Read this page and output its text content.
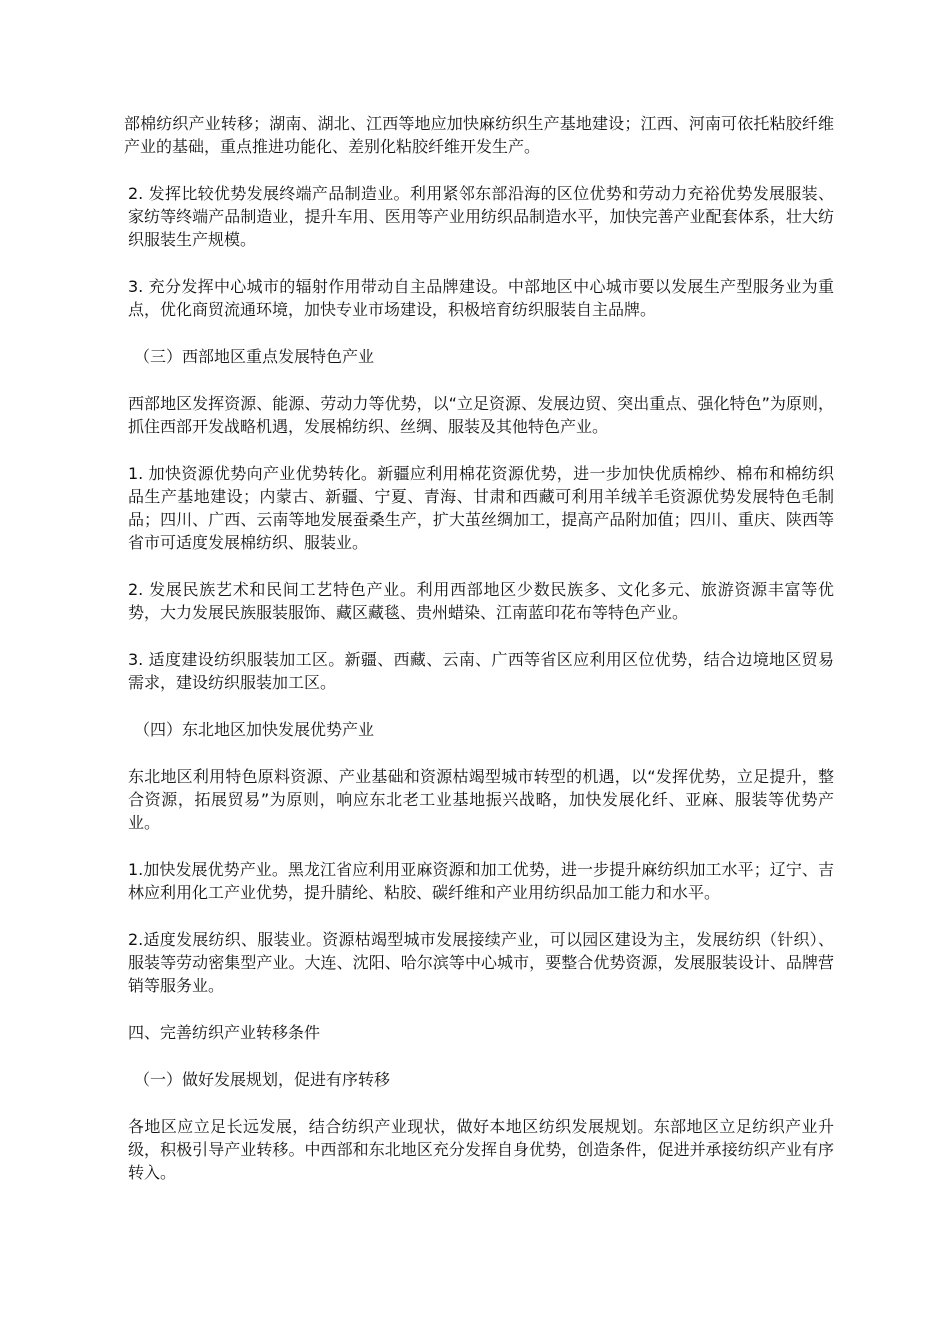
部棉纺织产业转移；湖南、湖北、江西等地应加快麻纺织生产基地建设；江西、河南可依托粘胶纤维产业的基础，重点推进功能化、差别化粘胶纤维开发生产。

2. 发挥比较优势发展终端产品制造业。利用紧邻东部沿海的区位优势和劳动力充裕优势发展服装、家纺等终端产品制造业，提升车用、医用等产业用纺织品制造水平，加快完善产业配套体系，壮大纺织服装生产规模。

3. 充分发挥中心城市的辐射作用带动自主品牌建设。中部地区中心城市要以发展生产型服务业为重点，优化商贸流通环境，加快专业市场建设，积极培育纺织服装自主品牌。

（三）西部地区重点发展特色产业

西部地区发挥资源、能源、劳动力等优势，以“立足资源、发展边贸、突出重点、强化特色”为原则，抓住西部开发战略机遇，发展棉纺织、丝绸、服装及其他特色产业。

1. 加快资源优势向产业优势转化。新疆应利用棉花资源优势，进一步加快优质棉纱、棉布和棉纺织品生产基地建设；内蒙古、新疆、宁夏、青海、甘肃和西藏可利用羊绒羊毛资源优势发展特色毛制品；四川、广西、云南等地发展蚕桑生产，扩大茧丝绸加工，提高产品附加值；四川、重庆、陕西等省市可适度发展棉纺织、服装业。

2. 发展民族艺术和民间工艺特色产业。利用西部地区少数民族多、文化多元、旅游资源丰富等优势，大力发展民族服装服饰、藏区藏毯、贵州蜡染、江南蓝印花布等特色产业。

3. 适度建设纺织服装加工区。新疆、西藏、云南、广西等省区应利用区位优势，结合边境地区贸易需求，建设纺织服装加工区。

（四）东北地区加快发展优势产业

东北地区利用特色原料资源、产业基础和资源枯竭型城市转型的机遇，以“发挥优势，立足提升，整合资源，拓展贸易”为原则，响应东北老工业基地振兴战略，加快发展化纤、亚麻、服装等优势产业。

1.加快发展优势产业。黑龙江省应利用亚麻资源和加工优势，进一步提升麻纺织加工水平；辽宁、吉林应利用化工产业优势，提升腈纶、粘胶、碳纤维和产业用纺织品加工能力和水平。

2.适度发展纺织、服装业。资源枯竭型城市发展接续产业，可以园区建设为主，发展纺织（针织）、服装等劳动密集型产业。大连、沈阳、哈尔滨等中心城市，要整合优势资源，发展服装设计、品牌营销等服务业。

四、完善纺织产业转移条件

（一）做好发展规划，促进有序转移

各地区应立足长远发展，结合纺织产业现状，做好本地区纺织发展规划。东部地区立足纺织产业升级，积极引导产业转移。中西部和东北地区充分发挥自身优势，创造条件，促进并承接纺织产业有序转入。
